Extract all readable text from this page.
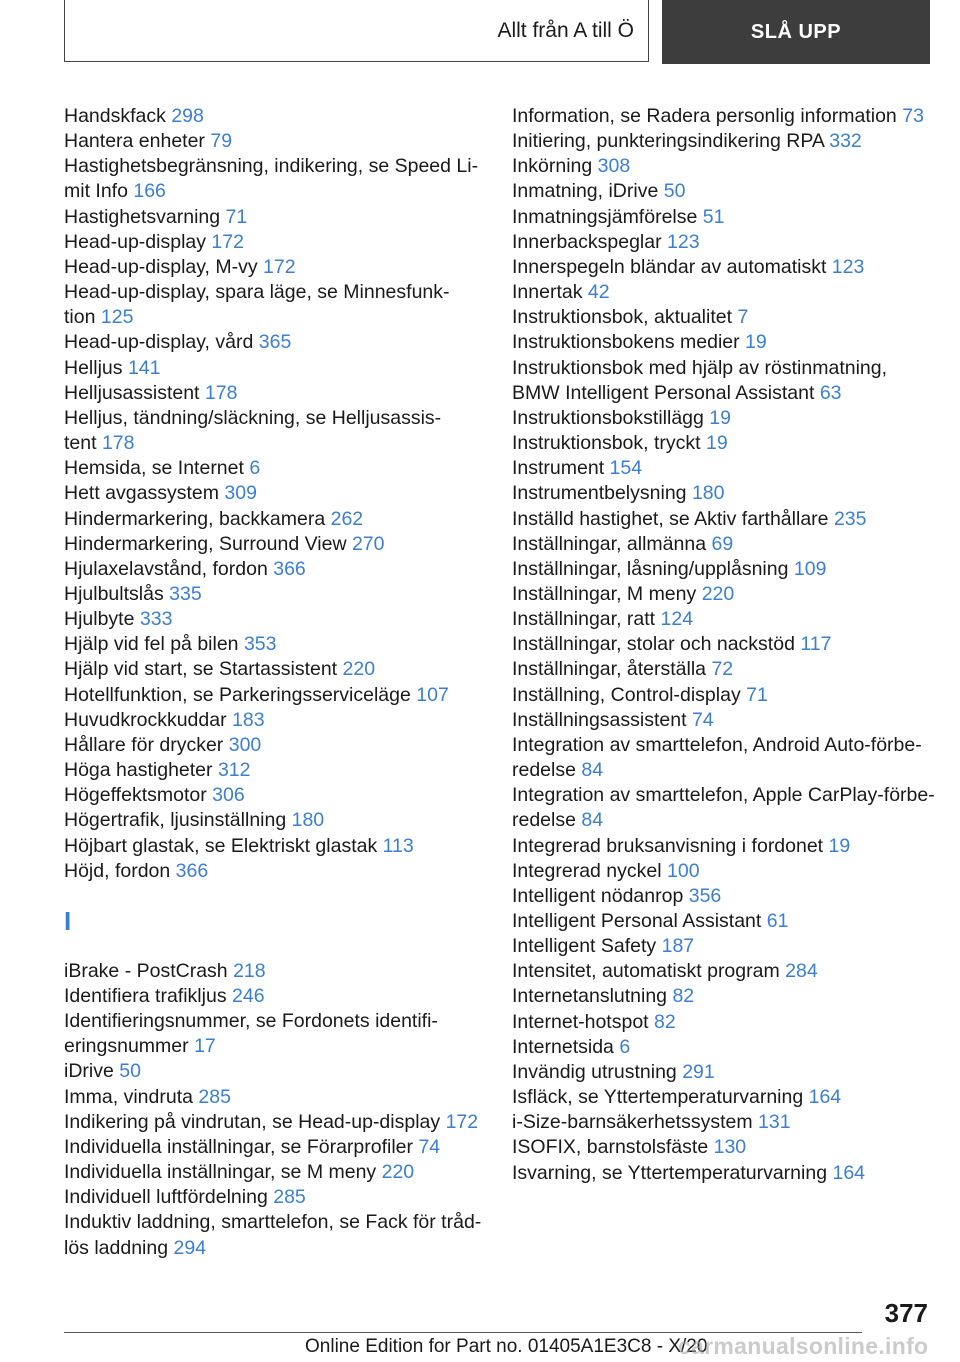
Allt från A till Ö	SLÅ UPP
Handskfack 298
Hantera enheter 79
Hastighetsbegränsning, indikering, se Speed Li-
mit Info 166
Hastighetsvarning 71
Head-up-display 172
Head-up-display, M-vy 172
Head-up-display, spara läge, se Minnesfunk-
tion 125
Head-up-display, vård 365
Helljus 141
Helljusassistent 178
Helljus, tändning/släckning, se Helljusassis-
tent 178
Hemsida, se Internet 6
Hett avgassystem 309
Hindermarkering, backkamera 262
Hindermarkering, Surround View 270
Hjulaxelavstånd, fordon 366
Hjulbultslås 335
Hjulbyte 333
Hjälp vid fel på bilen 353
Hjälp vid start, se Startassistent 220
Hotellfunktion, se Parkeringsserviceläge 107
Huvudkrockkuddar 183
Hållare för drycker 300
Höga hastigheter 312
Högeffektsmotor 306
Högertrafik, ljusinställning 180
Höjbart glastak, se Elektriskt glastak 113
Höjd, fordon 366
I
iBrake - PostCrash 218
Identifiera trafikljus 246
Identifieringsnummer, se Fordonets identifi-
eringsnummer 17
iDrive 50
Imma, vindruta 285
Indikering på vindrutan, se Head-up-display 172
Individuella inställningar, se Förarprofiler 74
Individuella inställningar, se M meny 220
Individuell luftfördelning 285
Induktiv laddning, smarttelefon, se Fack för tråd-
lös laddning 294
Information, se Radera personlig information 73
Initiering, punkteringsindikering RPA 332
Inkörning 308
Inmatning, iDrive 50
Inmatningsjämförelse 51
Innerbackspeglar 123
Innerspegeln bländar av automatiskt 123
Innertak 42
Instruktionsbok, aktualitet 7
Instruktionsbokens medier 19
Instruktionsbok med hjälp av röstinmatning,
BMW Intelligent Personal Assistant 63
Instruktionsbokstillägg 19
Instruktionsbok, tryckt 19
Instrument 154
Instrumentbelysning 180
Inställd hastighet, se Aktiv farthållare 235
Inställningar, allmänna 69
Inställningar, låsning/upplåsning 109
Inställningar, M meny 220
Inställningar, ratt 124
Inställningar, stolar och nackstöd 117
Inställningar, återställa 72
Inställning, Control-display 71
Inställningsassistent 74
Integration av smarttelefon, Android Auto-förbe-
redelse 84
Integration av smarttelefon, Apple CarPlay-förbe-
redelse 84
Integrerad bruksanvisning i fordonet 19
Integrerad nyckel 100
Intelligent nödanrop 356
Intelligent Personal Assistant 61
Intelligent Safety 187
Intensitet, automatiskt program 284
Internetanslutning 82
Internet-hotspot 82
Internetsida 6
Invändig utrustning 291
Isfläck, se Yttertemperaturvarning 164
i-Size-barnsäkerhetssystem 131
ISOFIX, barnstolsfäste 130
Isvarning, se Yttertemperaturvarning 164
377
Online Edition for Part no. 01405A1E3C8 - X/20
carmanualsonline.info
